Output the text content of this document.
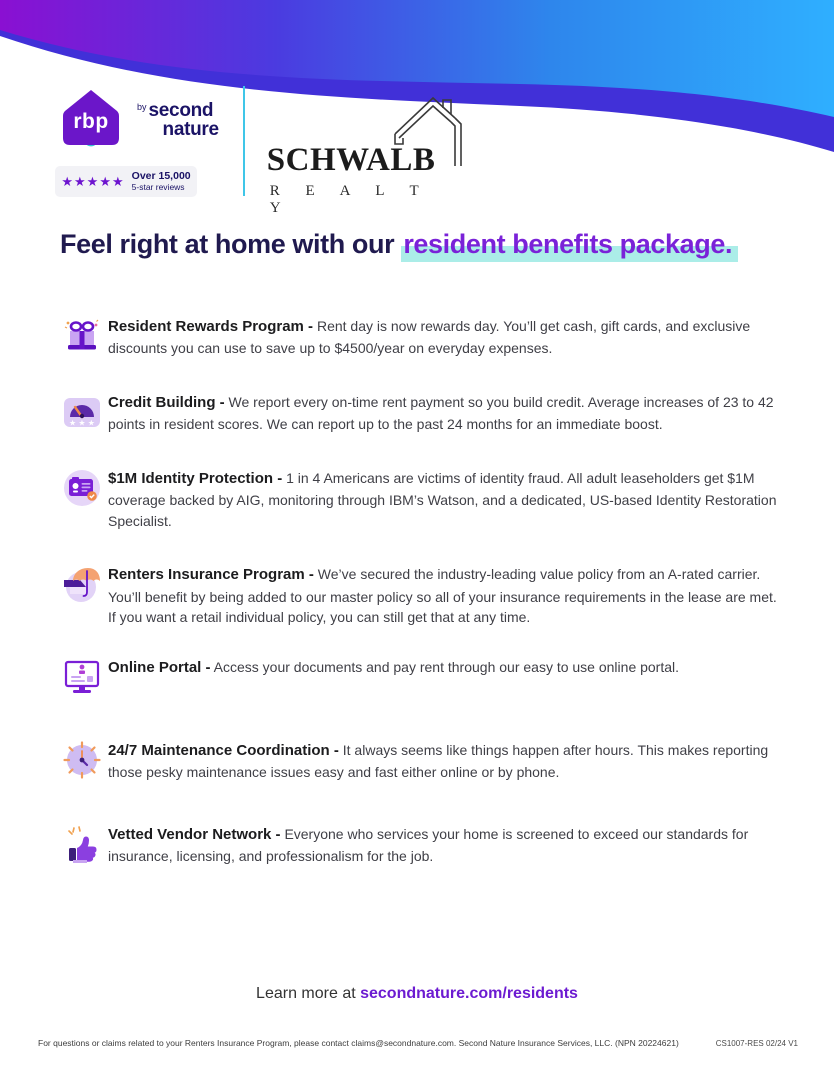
rbp
$^{by}$ second
nature
★★★★★ Over 15,000
5-star reviews
SCHWALB
R E A L T Y
Feel right at home with our resident benefits package.

Resident Rewards Program - Rent day is now rewards day. You’ll get cash, gift cards, and exclusive discounts you can use to save up to $4500/year on everyday expenses.

★ ★ ★

Credit Building - We report every on-time rent payment so you build credit. Average increases of 23 to 42 points in resident scores. We can report up to the past 24 months for an immediate boost.

$1M Identity Protection - 1 in 4 Americans are victims of identity fraud. All adult leaseholders get $1M coverage backed by AIG, monitoring through IBM’s Watson, and a dedicated, US-based Identity Restoration Specialist.

Renters Insurance Program - We’ve secured the industry-leading value policy from an A-rated carrier. You’ll benefit by being added to our master policy so all of your insurance requirements in the lease are met. If you want a retail individual policy, you can still get that at any time.

Online Portal - Access your documents and pay rent through our easy to use online portal.

24/7 Maintenance Coordination - It always seems like things happen after hours. This makes reporting those pesky maintenance issues easy and fast either online or by phone.

Vetted Vendor Network - Everyone who services your home is screened to exceed our standards for insurance, licensing, and professionalism for the job.

Learn more at secondnature.com/residents
For questions or claims related to your Renters Insurance Program, please contact claims@secondnature.com. Second Nature Insurance Services, LLC. (NPN 20224621)	CS1007-RES 02/24 V1
